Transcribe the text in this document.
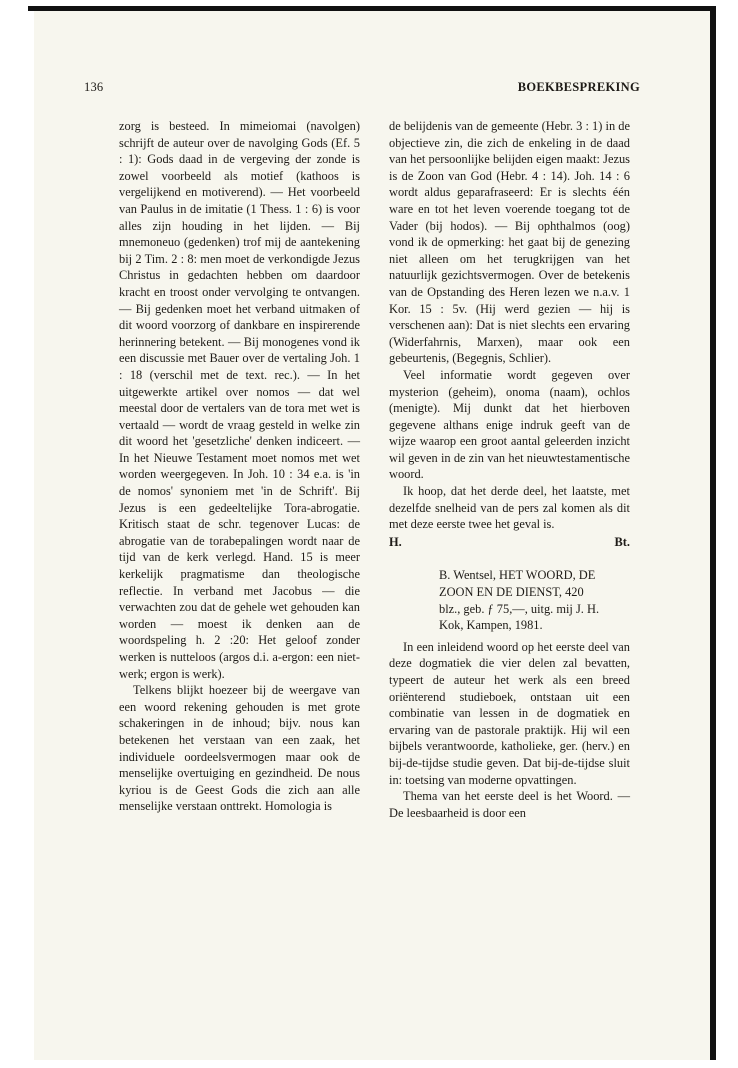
136	BOEKBESPREKING

zorg is besteed. In mimeiomai (navolgen) schrijft de auteur over de navolging Gods (Ef. 5 : 1): Gods daad in de vergeving der zonde is zowel voorbeeld als motief (kathoos is vergelijkend en motiverend). — Het voorbeeld van Paulus in de imitatie (1 Thess. 1 : 6) is voor alles zijn houding in het lijden. — Bij mnemoneuo (gedenken) trof mij de aantekening bij 2 Tim. 2 : 8: men moet de verkondigde Jezus Christus in gedachten hebben om daardoor kracht en troost onder vervolging te ontvangen. — Bij gedenken moet het verband uitmaken of dit woord voorzorg of dankbare en inspirerende herinnering betekent. — Bij monogenes vond ik een discussie met Bauer over de vertaling Joh. 1 : 18 (verschil met de text. rec.). — In het uitgewerkte artikel over nomos — dat wel meestal door de vertalers van de tora met wet is vertaald — wordt de vraag gesteld in welke zin dit woord het 'gesetzliche' denken indiceert. — In het Nieuwe Testament moet nomos met wet worden weergegeven. In Joh. 10 : 34 e.a. is 'in de nomos' synoniem met 'in de Schrift'. Bij Jezus is een gedeeltelijke Tora-abrogatie. Kritisch staat de schr. tegenover Lucas: de abrogatie van de torabepalingen wordt naar de tijd van de kerk verlegd. Hand. 15 is meer kerkelijk pragmatisme dan theologische reflectie. In verband met Jacobus — die verwachten zou dat de gehele wet gehouden kan worden — moest ik denken aan de woordspeling h. 2 :20: Het geloof zonder werken is nutteloos (argos d.i. a-ergon: een niet-werk; ergon is werk).

Telkens blijkt hoezeer bij de weergave van een woord rekening gehouden is met grote schakeringen in de inhoud; bijv. nous kan betekenen het verstaan van een zaak, het individuele oordeelsvermogen maar ook de menselijke overtuiging en gezindheid. De nous kyriou is de Geest Gods die zich aan alle menselijke verstaan onttrekt. Homologia is

de belijdenis van de gemeente (Hebr. 3 : 1) in de objectieve zin, die zich de enkeling in de daad van het persoonlijke belijden eigen maakt: Jezus is de Zoon van God (Hebr. 4 : 14). Joh. 14 : 6 wordt aldus geparafraseerd: Er is slechts één ware en tot het leven voerende toegang tot de Vader (bij hodos). — Bij ophthalmos (oog) vond ik de opmerking: het gaat bij de genezing niet alleen om het terugkrijgen van het natuurlijk gezichtsvermogen. Over de betekenis van de Opstanding des Heren lezen we n.a.v. 1 Kor. 15 : 5v. (Hij werd gezien — hij is verschenen aan): Dat is niet slechts een ervaring (Widerfahrnis, Marxen), maar ook een gebeurtenis, (Begegnis, Schlier).

Veel informatie wordt gegeven over mysterion (geheim), onoma (naam), ochlos (menigte). Mij dunkt dat het hierboven gegevene althans enige indruk geeft van de wijze waarop een groot aantal geleerden inzicht wil geven in de zin van het nieuwtestamentische woord.

Ik hoop, dat het derde deel, het laatste, met dezelfde snelheid van de pers zal komen als dit met deze eerste twee het geval is.

H.	Bt.
B. Wentsel, HET WOORD, DE
ZOON EN DE DIENST, 420
blz., geb. ƒ 75,—, uitg. mij J. H.
Kok, Kampen, 1981.

In een inleidend woord op het eerste deel van deze dogmatiek die vier delen zal bevatten, typeert de auteur het werk als een breed oriënterend studieboek, ontstaan uit een combinatie van lessen in de dogmatiek en ervaring van de pastorale praktijk. Hij wil een bijbels verantwoorde, katholieke, ger. (herv.) en bij-de-tijdse studie geven. Dat bij-de-tijdse sluit in: toetsing van moderne opvattingen.

Thema van het eerste deel is het Woord. — De leesbaarheid is door een
